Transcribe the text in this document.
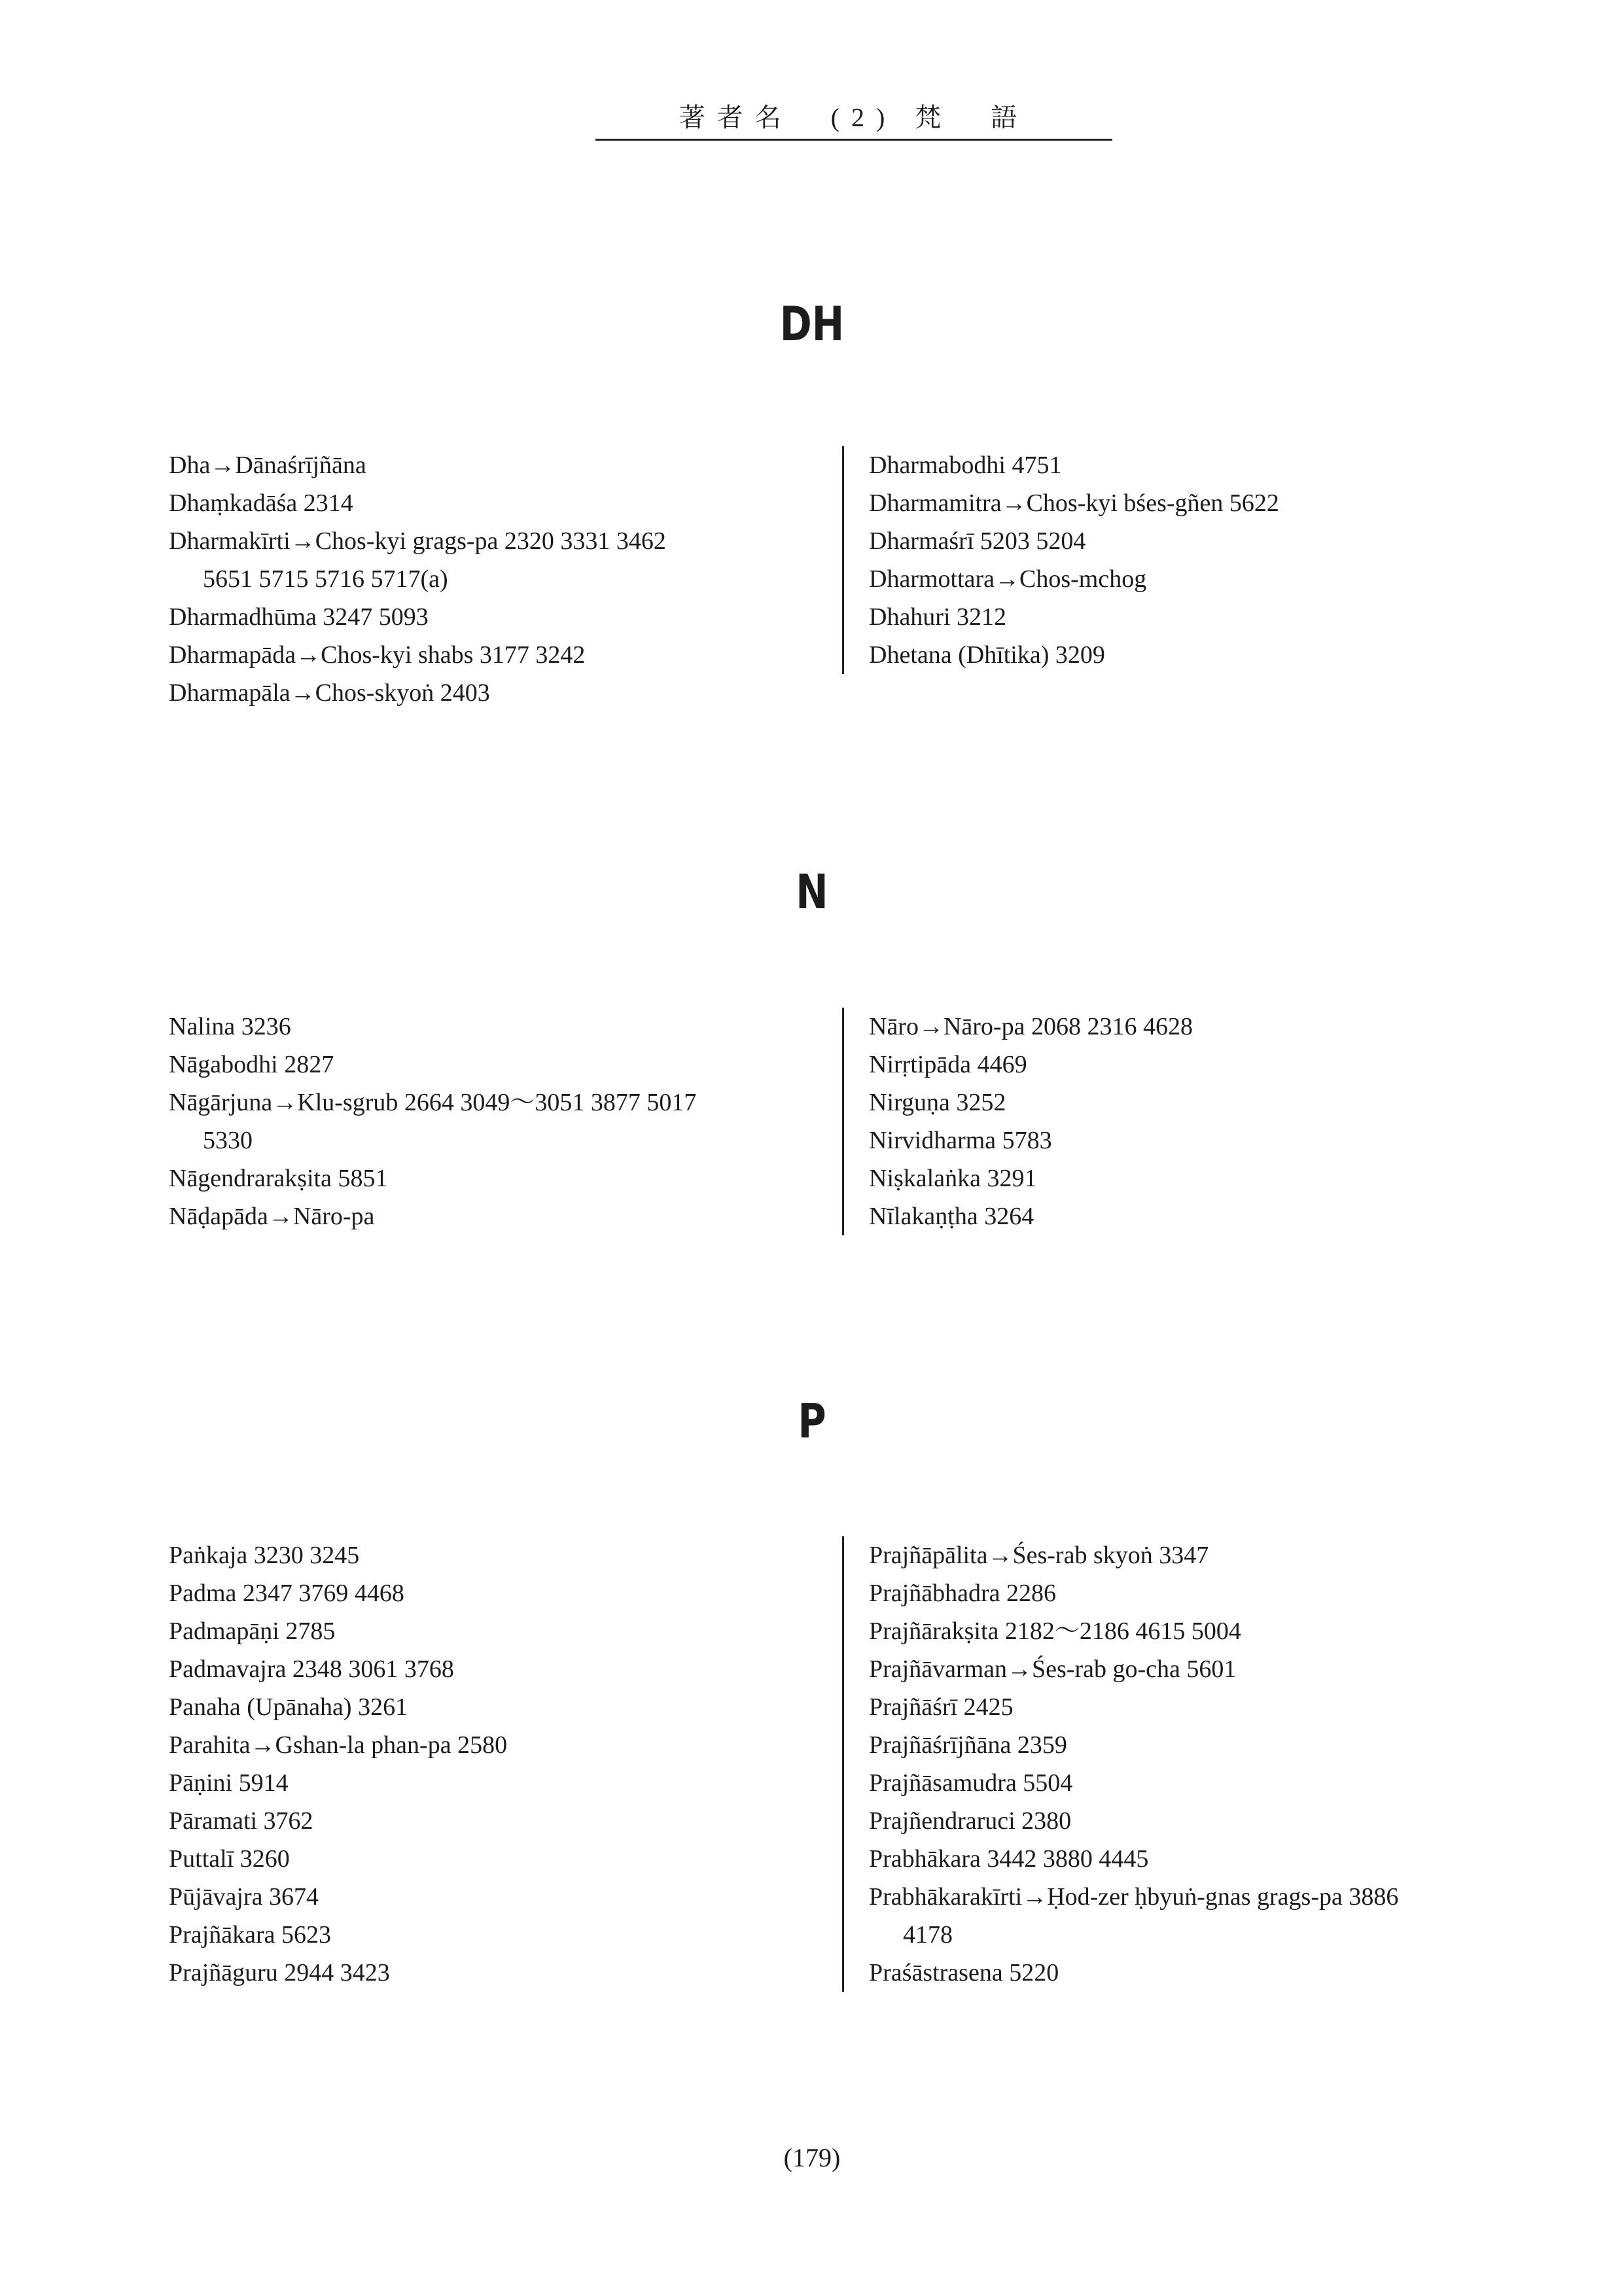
著者名　(2) 梵　語
DH
Dha→Dānaśrījñāna
Dhaṃkadāśa 2314
Dharmakīrti→Chos-kyi grags-pa 2320 3331 3462
5651 5715 5716 5717(a)
Dharmadhūma 3247 5093
Dharmapāda→Chos-kyi shabs 3177 3242
Dharmapāla→Chos-skyoṅ 2403
Dharmabodhi 4751
Dharmamitra→Chos-kyi bśes-gñen 5622
Dharmaśrī 5203 5204
Dharmottara→Chos-mchog
Dhahuri 3212
Dhetana (Dhītika) 3209
N
Nalina 3236
Nāgabodhi 2827
Nāgārjuna→Klu-sgrub 2664 3049〜3051 3877 5017
5330
Nāgendrarakṣita 5851
Nāḍapāda→Nāro-pa
Nāro→Nāro-pa 2068 2316 4628
Nirṛtipāda 4469
Nirguṇa 3252
Nirvidharma 5783
Niṣkalaṅka 3291
Nīlakaṇṭha 3264
P
Paṅkaja 3230 3245
Padma 2347 3769 4468
Padmapāṇi 2785
Padmavajra 2348 3061 3768
Panaha (Upānaha) 3261
Parahita→Gshan-la phan-pa 2580
Pāṇini 5914
Pāramati 3762
Puttalī 3260
Pūjāvajra 3674
Prajñākara 5623
Prajñāguru 2944 3423
Prajñāpālita→Śes-rab skyoṅ 3347
Prajñābhadra 2286
Prajñārakṣita 2182〜2186 4615 5004
Prajñāvarman→Śes-rab go-cha 5601
Prajñāśrī 2425
Prajñāśrījñāna 2359
Prajñāsamudra 5504
Prajñendraruci 2380
Prabhākara 3442 3880 4445
Prabhākarakīrti→Ḥod-zer ḥbyuṅ-gnas grags-pa 3886
4178
Praśāstrasena 5220
(179)
